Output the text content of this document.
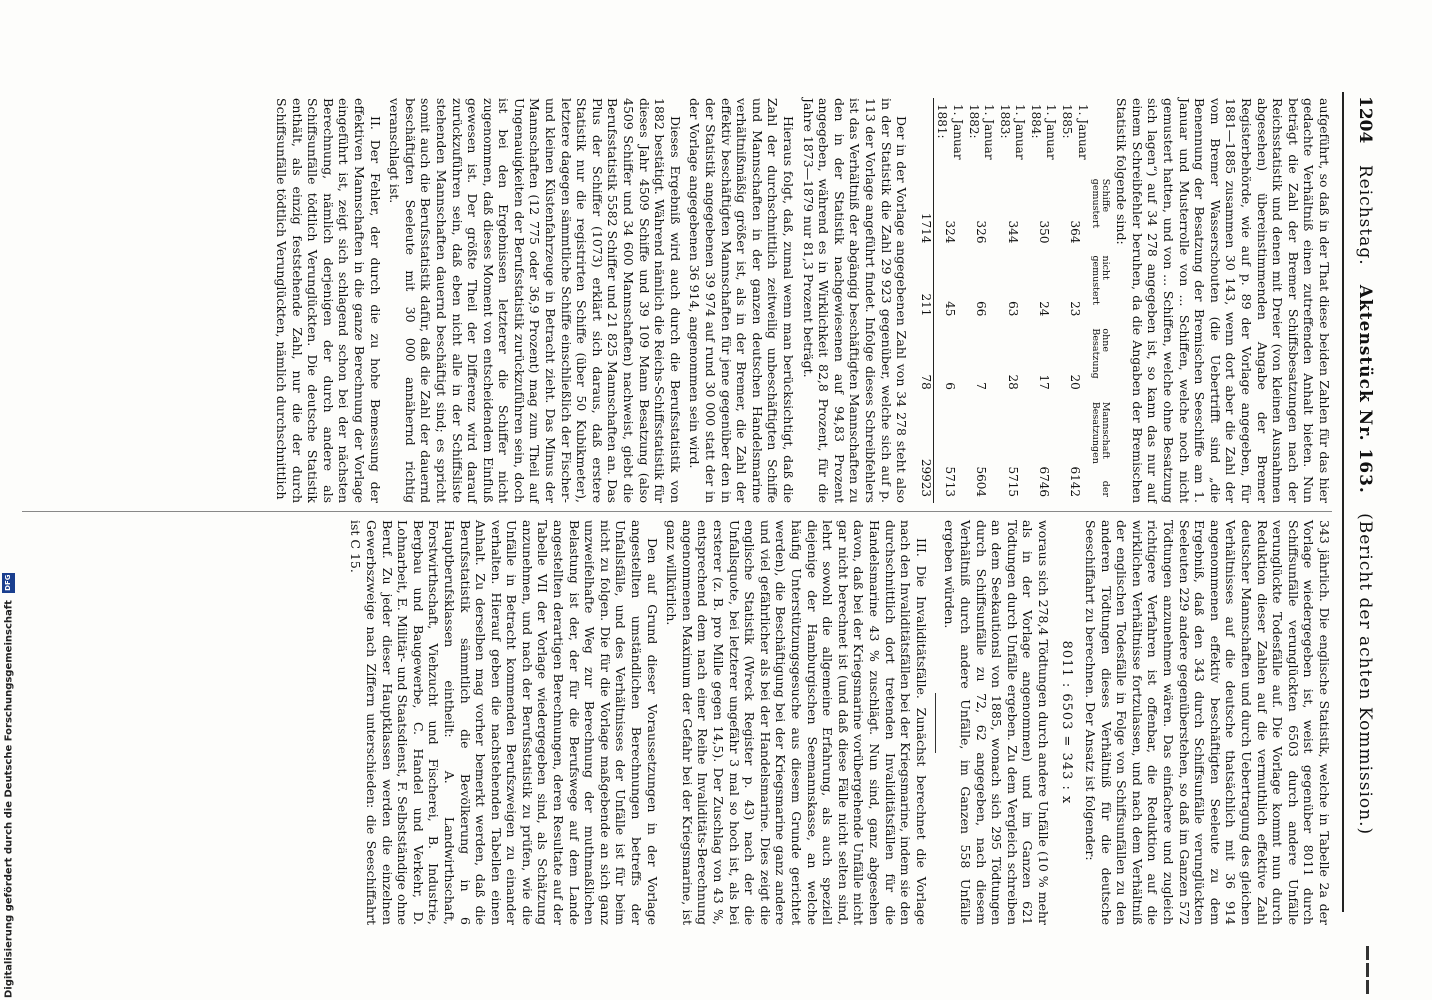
1204
Reichstag.   Aktenstück Nr. 163.   (Bericht der achten Kommission.)

aufgeführt, so daß in der That diese beiden Zahlen für das hier gedachte Verhältniß einen zutreffenden Anhalt bieten. Nun beträgt die Zahl der Bremer Schiffsbesatzungen nach der Reichsstatistik und denen mit Dreier (von kleinen Ausnahmen abgesehen) übereinstimmenden Angabe der Bremer Registerbehörde, wie auf p. 89 der Vorlage angegeben, für 1881—1885 zusammen 30 143, wenn dort aber die Zahl der vom Bremer Wasserschouten (die Uebertrifft sind „die Benennung der Besatzung der Bremischen Seeschiffe am 1. Januar und Musterrolle von ... Schiffen, welche noch nicht gemustert hatten, und von ... Schiffen, welche ohne Besatzung sich lagen“) auf 34 278 angegeben ist, so kann das nur auf einem Schreibfehler beruhen, da die Angaben der Bremischen Statistik folgende sind:

	Schiffe gemustert	nicht gemustert	ohne Besatzung	Mannschaft der Besatzungen
1. Januar 1885:	364	23	20	6142
1. Januar 1884:	350	24	17	6746
1. Januar 1883:	344	63	28	5715
1. Januar 1882:	326	66	7	5604
1. Januar 1881:	324	45	6	5713
	1714	211	78	29923

Der in der Vorlage angegebenen Zahl von 34 278 steht also in der Statistik die Zahl 29 923 gegenüber, welche sich auf p. 113 der Vorlage angeführt findet. Infolge dieses Schreibfehlers ist das Verhältniß der abgängig beschäftigten Mannschaften zu den in der Statistik nachgewiesenen auf 94,83 Prozent angegeben, während es in Wirklichkeit 82,8 Prozent, für die Jahre 1873—1879 nur 81,3 Prozent beträgt.

Hieraus folgt, daß, zumal wenn man berücksichtigt, daß die Zahl der durchschnittlich zeitweilig unbeschäftigten Schiffe und Mannschaften in der ganzen deutschen Handelsmarine verhältnißmäßig größer ist, als in der Bremer, die Zahl der effektiv beschäftigten Mannschaften für jene gegenüber den in der Statistik angegebenen 39 974 auf rund 30 000 statt der in der Vorlage angegebenen 36 914, angenommen sein wird.

Dieses Ergebniß wird auch durch die Berufsstatistik von 1882 bestätigt. Während nämlich die Reichs-Schiffsstatistik für dieses Jahr 4509 Schiffe und 39 109 Mann Besatzung (also 4509 Schiffer und 34 600 Mannschaften) nachweist, giebt die Berufsstatistik 5582 Schiffer und 21 825 Mannschaften an. Das Plus der Schiffer (1073) erklärt sich daraus, daß erstere Statistik nur die registrirten Schiffe (über 50 Kubikmeter), letztere dagegen sämmtliche Schiffe einschließlich der Fischer- und kleinen Küstenfahrzeuge in Betracht zieht. Das Minus der Mannschaften (12 775 oder 36,9 Prozent) mag zum Theil auf Ungenauigkeiten der Berufsstatistik zurückzuführen sein, doch ist bei den Ergebnissen letzterer die Schiffer nicht zugenommen, daß dieses Moment von entscheidendem Einfluß gewesen ist. Der größte Theil der Differenz wird darauf zurückzuführen sein, daß eben nicht alle in der Schiffsliste stehenden Mannschaften dauernd beschäftigt sind; es spricht somit auch die Berufsstatistik dafür, daß die Zahl der dauernd beschäftigten Seeleute mit 30 000 annähernd richtig veranschlagt ist.

II. Der Fehler, der durch die zu hohe Bemessung der effektiven Mannschaften in die ganze Berechnung der Vorlage eingeführt ist, zeigt sich schlagend schon bei der nächsten Berechnung, nämlich derjenigen der durch andere als Schiffsunfälle tödtlich Verunglückten. Die deutsche Statistik enthält, als einzig feststehende Zahl, nur die der durch Schiffsunfälle tödtlich Verunglückten, nämlich durchschnittlich

343 jährlich. Die englische Statistik, welche in Tabelle 2a der Vorlage wiedergegeben ist, weist gegenüber 8011 durch Schiffsunfälle verunglückten 6503 durch andere Unfälle verunglückte Todesfälle auf. Die Vorlage kommt nun durch Reduktion dieser Zahlen auf die vermuthlich effektive Zahl deutscher Mannschaften und durch Uebertragung des gleichen Verhältnisses auf die deutsche thatsächlich mit 36 914 angenommenen effektiv beschäftigten Seeleute zu dem Ergebniß, daß den 343 durch Schiffsunfälle verunglückten Seeleuten 229 andere gegenüberstehen, so daß im Ganzen 572 Tödtungen anzunehmen wären. Das einfachere und zugleich richtigere Verfahren ist offenbar, die Reduktion auf die wirklichen Verhältnisse fortzulassen, und nach dem Verhältniß der englischen Todesfälle in Folge von Schiffsunfällen zu den anderen Tödtungen dieses Verhältniß für die deutsche Seeschiffahrt zu berechnen. Der Ansatz ist folgender:

8011 : 6503 = 343 : x

woraus sich 278,4 Tödtungen durch andere Unfälle (10 % mehr als in der Vorlage angenommen) und im Ganzen 621 Tödtungen durch Unfälle ergeben. Zu dem Vergleich schreiben an dem Seekautionsl von 1885, wonach sich 295 Tödtungen durch Schiffsunfälle zu 72, 62 angegeben, nach diesem Verhältniß durch andere Unfälle, im Ganzen 558 Unfälle ergeben würden.

III. Die Invaliditätsfälle. Zunächst berechnet die Vorlage nach den Invaliditätsfällen bei der Kriegsmarine, indem sie den durchschnittlich dort tretenden Invaliditätsfällen für die Handelsmarine 43 % zuschlägt. Nun sind, ganz abgesehen davon, daß bei der Kriegsmarine vorübergehende Unfälle nicht gar nicht berechnet ist (und daß diese Fälle nicht selten sind, lehrt sowohl die allgemeine Erfahrung, als auch speziell diejenige der Hamburgischen Seemannskasse, an welche häufig Unterstützungsgesuche aus diesem Grunde gerichtet werden), die Beschäftigung bei der Kriegsmarine ganz andere und viel gefährlicher als bei der Handelsmarine. Dies zeigt die englische Statistik (Wreck Register p. 43) nach der die Unfallsquote, bei letzterer ungefähr 3 mal so hoch ist, als bei ersterer (z. B. pro Mille gegen 14,5). Der Zuschlag von 43 %, entsprechend dem nach einer Reihe Invaliditäts-Berechnung angenommenen Maximum der Gefahr bei der Kriegsmarine, ist ganz willkürlich.

Den auf Grund dieser Voraussetzungen in der Vorlage angestellten umständlichen Berechnungen betreffs der Unfallsfälle, und des Verhältnisses der Unfälle ist für beim nicht zu folgen. Die für die Vorlage maßgebende an sich ganz unzweifelhafte Weg zur Berechnung der muthmaßlichen Belastung ist der, der für die Berufswege auf dem Lande angestellten derartigen Berechnungen, deren Resultate auf der Tabelle VII der Vorlage wiedergegeben sind, als Schätzung anzunehmen, und nach der Berufsstatistik zu prüfen, wie die Unfälle in Betracht kommenden Berufszweigen zu einander verhalten. Hierauf geben die nachstehenden Tabellen einen Anhalt. Zu derselben mag vorher bemerkt werden, daß die Berufsstatistik sämmtlich die Bevölkerung in 6 Hauptberufsklassen eintheilt: A. Landwirthschaft, Forstwirthschaft, Viehzucht und Fischerei, B. Industrie, Bergbau und Baugewerbe, C. Handel und Verkehr, D. Lohnarbeit, E. Militär- und Staatsdienst, F. Selbstständige ohne Beruf. Zu jeder dieser Hauptklassen werden die einzelnen Gewerbszweige nach Ziffern unterschieden: die Seeschiffahrt ist C 15.

Digitalisierung gefördert durch die Deutsche Forschungsgemeinschaft DFG
